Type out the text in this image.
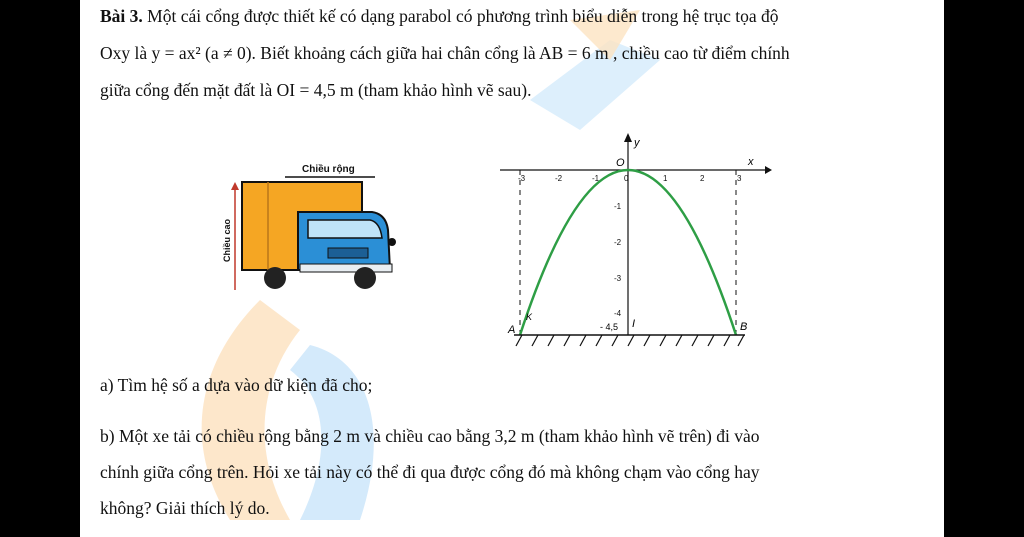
Bài 3. Một cái cổng được thiết kế có dạng parabol có phương trình biểu diễn trong hệ trục tọa độ
Oxy là y = ax² (a ≠ 0). Biết khoảng cách giữa hai chân cổng là AB = 6 m , chiều cao từ điểm chính
giữa cổng đến mặt đất là OI = 4,5 m (tham khảo hình vẽ sau).
Chiều rộng
Chiều cao
x
y
O
-3	-2	-1	0	1	2	3
-1
-2
-3
-4
A	B
K
I
- 4,5
a) Tìm hệ số a dựa vào dữ kiện đã cho;
b) Một xe tải có chiều rộng bằng 2 m và chiều cao bằng 3,2 m (tham khảo hình vẽ trên) đi vào
chính giữa cổng trên. Hỏi xe tải này có thể đi qua được cổng đó mà không chạm vào cổng hay
không? Giải thích lý do.
